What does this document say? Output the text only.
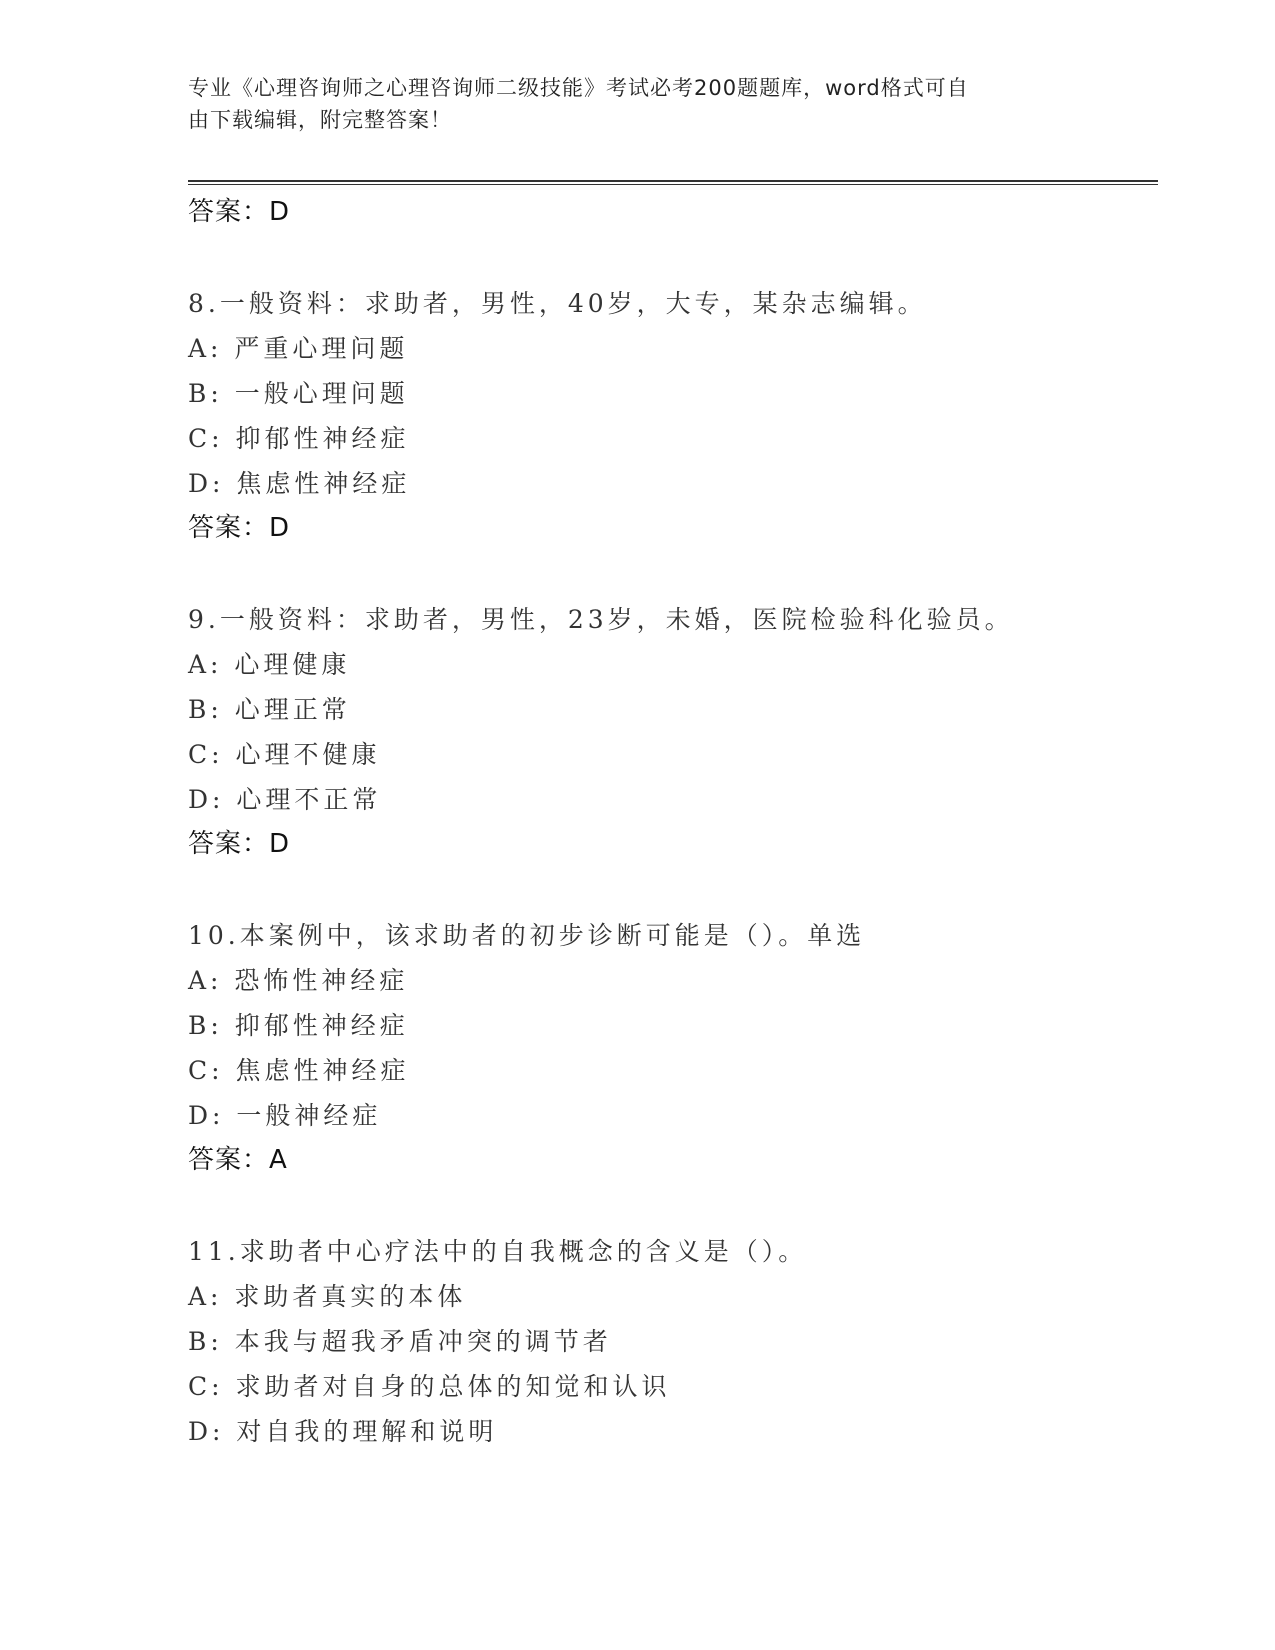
专业《心理咨询师之心理咨询师二级技能》考试必考200题题库，word格式可自
由下载编辑，附完整答案！
答案：D
8.一般资料：求助者，男性，40岁，大专，某杂志编辑。
A: 严重心理问题
B: 一般心理问题
C: 抑郁性神经症
D: 焦虑性神经症
答案：D
9.一般资料：求助者，男性，23岁，未婚，医院检验科化验员。
A: 心理健康
B: 心理正常
C: 心理不健康
D: 心理不正常
答案：D
10.本案例中，该求助者的初步诊断可能是（）。单选
A: 恐怖性神经症
B: 抑郁性神经症
C: 焦虑性神经症
D: 一般神经症
答案：A
11.求助者中心疗法中的自我概念的含义是（）。
A: 求助者真实的本体
B: 本我与超我矛盾冲突的调节者
C: 求助者对自身的总体的知觉和认识
D: 对自我的理解和说明
